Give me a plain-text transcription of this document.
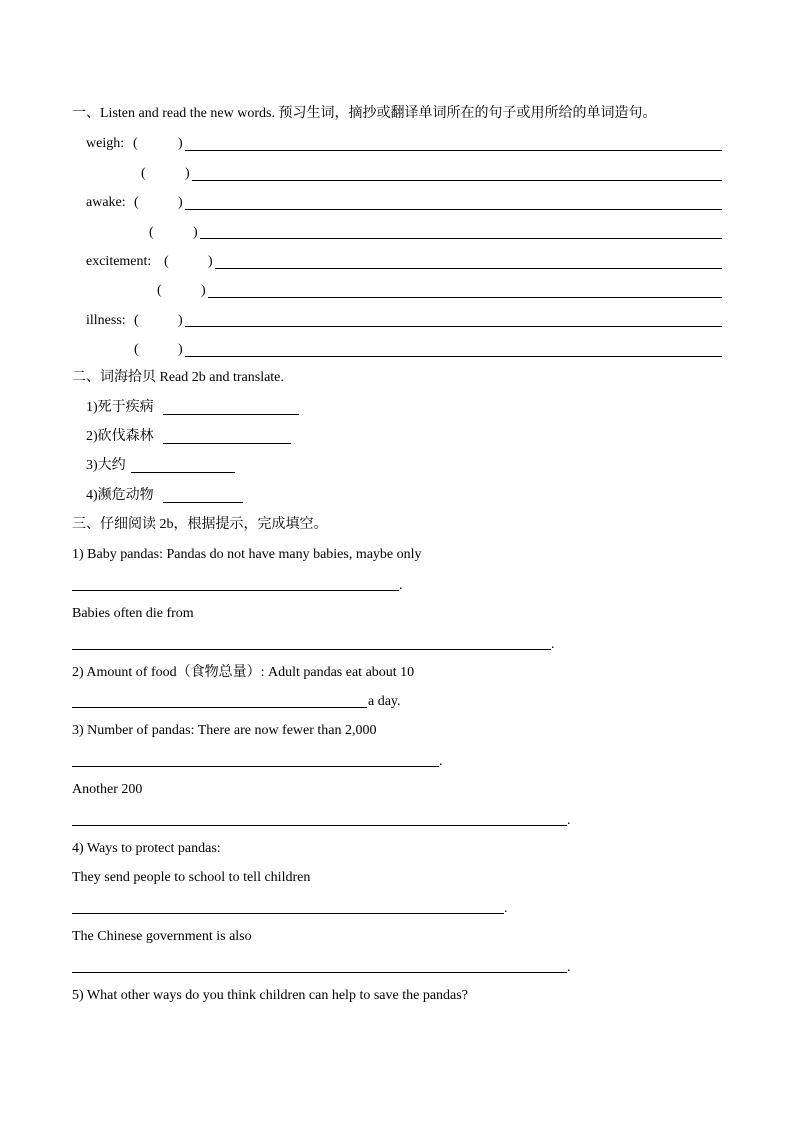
一、Listen and read the new words. 预习生词，摘抄或翻译单词所在的句子或用所给的单词造句。
weigh: (	)
(	)
awake: (	)
(	)
excitement: (	)
(	)
illness: (	)
(	)
二、词海拾贝 Read 2b and translate.
1)死于疾病
2)砍伐森林
3)大约
4)濒危动物
三、仔细阅读 2b，根据提示，完成填空。
1) Baby pandas: Pandas do not have many babies, maybe only
.
Babies often die from
.
2) Amount of food（食物总量）: Adult pandas eat about 10
a day.
3) Number of pandas: There are now fewer than 2,000
.
Another 200
.
4) Ways to protect pandas:
They send people to school to tell children
.
The Chinese government is also
.
5) What other ways do you think children can help to save the pandas?
